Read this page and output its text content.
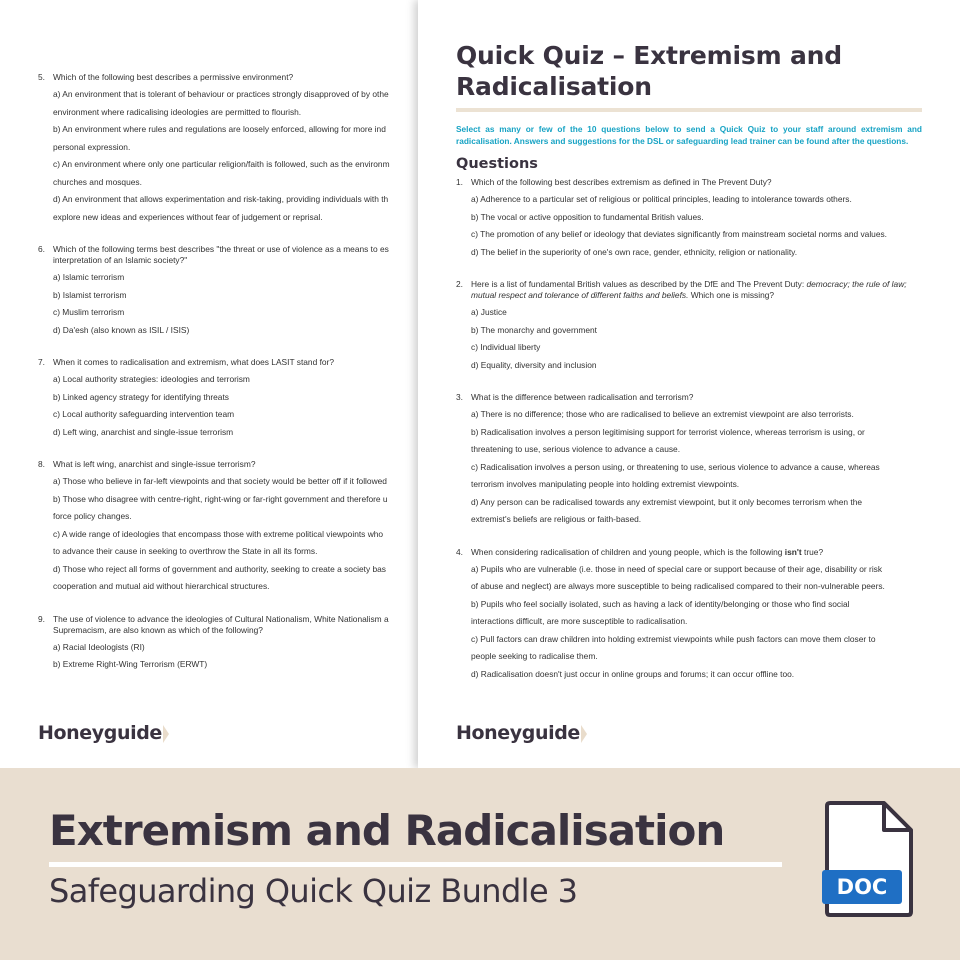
5. Which of the following best describes a permissive environment?
a) An environment that is tolerant of behaviour or practices strongly disapproved of by othe
environment where radicalising ideologies are permitted to flourish.
b) An environment where rules and regulations are loosely enforced, allowing for more ind
personal expression.
c) An environment where only one particular religion/faith is followed, such as the environm
churches and mosques.
d) An environment that allows experimentation and risk-taking, providing individuals with th
explore new ideas and experiences without fear of judgement or reprisal.
6. Which of the following terms best describes "the threat or use of violence as a means to es
interpretation of an Islamic society?"
a) Islamic terrorism
b) Islamist terrorism
c) Muslim terrorism
d) Da'esh (also known as ISIL / ISIS)
7. When it comes to radicalisation and extremism, what does LASIT stand for?
a) Local authority strategies: ideologies and terrorism
b) Linked agency strategy for identifying threats
c) Local authority safeguarding intervention team
d) Left wing, anarchist and single-issue terrorism
8. What is left wing, anarchist and single-issue terrorism?
a) Those who believe in far-left viewpoints and that society would be better off if it followed
b) Those who disagree with centre-right, right-wing or far-right government and therefore u
force policy changes.
c) A wide range of ideologies that encompass those with extreme political viewpoints who
to advance their cause in seeking to overthrow the State in all its forms.
d) Those who reject all forms of government and authority, seeking to create a society bas
cooperation and mutual aid without hierarchical structures.
9. The use of violence to advance the ideologies of Cultural Nationalism, White Nationalism a
Supremacism, are also known as which of the following?
a) Racial Ideologists (RI)
b) Extreme Right-Wing Terrorism (ERWT)
Honeyguide
Quick Quiz – Extremism and Radicalisation
Select as many or few of the 10 questions below to send a Quick Quiz to your staff around extremism and radicalisation. Answers and suggestions for the DSL or safeguarding lead trainer can be found after the questions.
Questions
1. Which of the following best describes extremism as defined in The Prevent Duty?
a) Adherence to a particular set of religious or political principles, leading to intolerance towards others.
b) The vocal or active opposition to fundamental British values.
c) The promotion of any belief or ideology that deviates significantly from mainstream societal norms and values.
d) The belief in the superiority of one's own race, gender, ethnicity, religion or nationality.
2. Here is a list of fundamental British values as described by the DfE and The Prevent Duty: democracy; the rule of law; mutual respect and tolerance of different faiths and beliefs. Which one is missing?
a) Justice
b) The monarchy and government
c) Individual liberty
d) Equality, diversity and inclusion
3. What is the difference between radicalisation and terrorism?
a) There is no difference; those who are radicalised to believe an extremist viewpoint are also terrorists.
b) Radicalisation involves a person legitimising support for terrorist violence, whereas terrorism is using, or
threatening to use, serious violence to advance a cause.
c) Radicalisation involves a person using, or threatening to use, serious violence to advance a cause, whereas
terrorism involves manipulating people into holding extremist viewpoints.
d) Any person can be radicalised towards any extremist viewpoint, but it only becomes terrorism when the
extremist's beliefs are religious or faith-based.
4. When considering radicalisation of children and young people, which is the following isn't true?
a) Pupils who are vulnerable (i.e. those in need of special care or support because of their age, disability or risk
of abuse and neglect) are always more susceptible to being radicalised compared to their non-vulnerable peers.
b) Pupils who feel socially isolated, such as having a lack of identity/belonging or those who find social
interactions difficult, are more susceptible to radicalisation.
c) Pull factors can draw children into holding extremist viewpoints while push factors can move them closer to
people seeking to radicalise them.
d) Radicalisation doesn't just occur in online groups and forums; it can occur offline too.
Honeyguide
Extremism and Radicalisation
Safeguarding Quick Quiz Bundle 3	DOC
